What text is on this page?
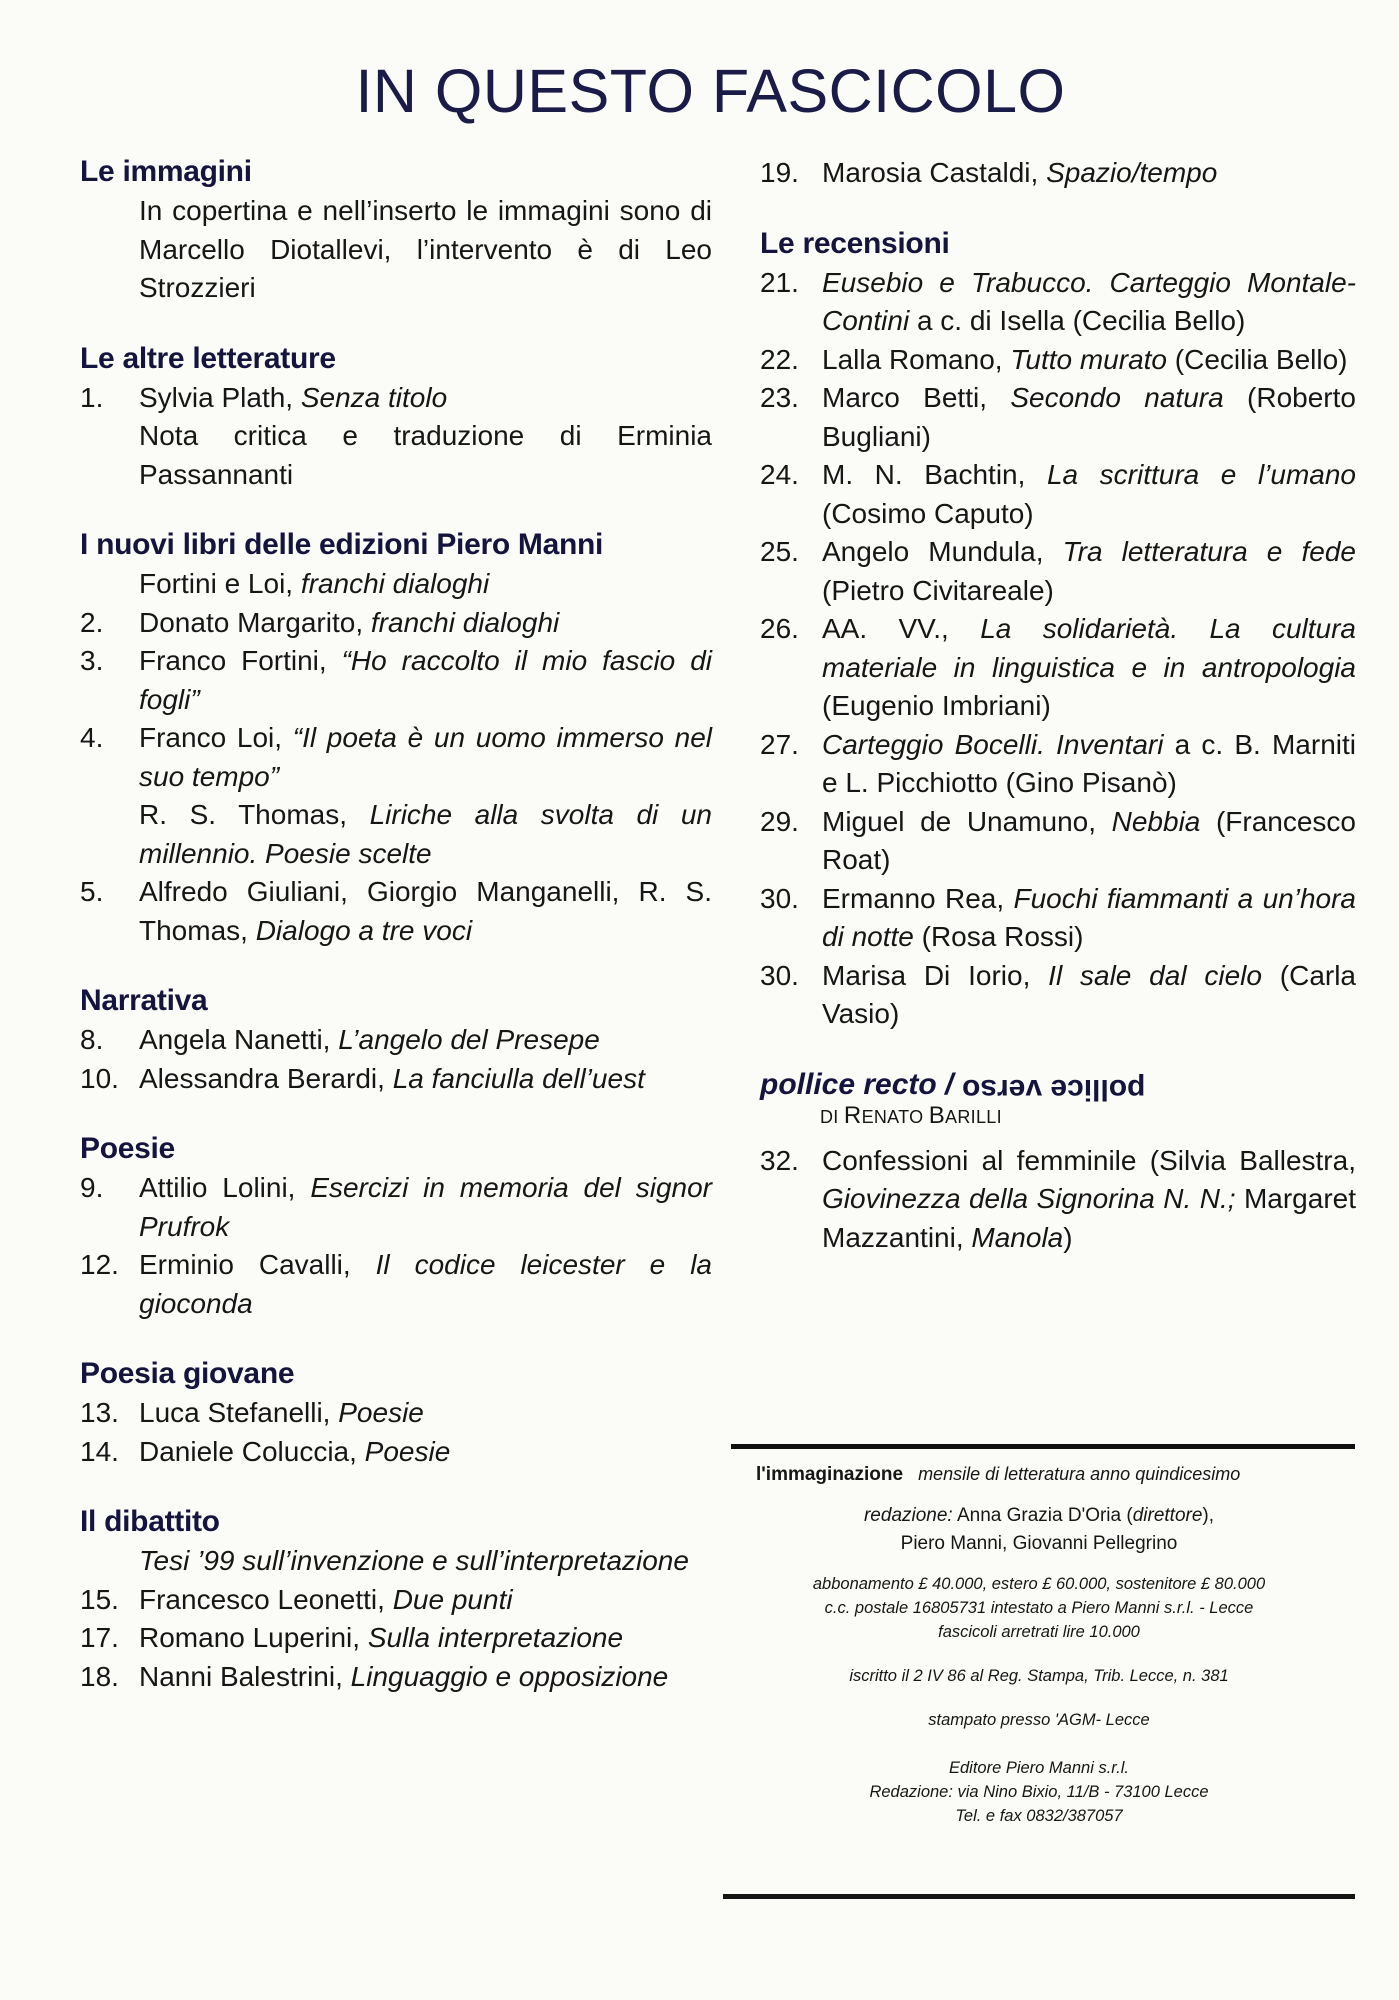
IN QUESTO FASCICOLO
Le immagini
In copertina e nell’inserto le immagini sono di Marcello Diotallevi, l’intervento è di Leo Strozzieri
Le altre letterature
1.	Sylvia Plath, Senza titolo
Nota critica e traduzione di Erminia Passannanti
I nuovi libri delle edizioni Piero Manni
Fortini e Loi, franchi dialoghi
2.	Donato Margarito, franchi dialoghi
3.	Franco Fortini, “Ho raccolto il mio fascio di fogli”
4.	Franco Loi, “Il poeta è un uomo immerso nel suo tempo”
R. S. Thomas, Liriche alla svolta di un millennio. Poesie scelte
5.	Alfredo Giuliani, Giorgio Manganelli, R. S. Thomas, Dialogo a tre voci
Narrativa
8.	Angela Nanetti, L’angelo del Presepe
10. Alessandra Berardi, La fanciulla dell’uest
Poesie
9.	Attilio Lolini, Esercizi in memoria del signor Prufrok
12. Erminio Cavalli, Il codice leicester e la gioconda
Poesia giovane
13. Luca Stefanelli, Poesie
14. Daniele Coluccia, Poesie
Il dibattito
Tesi ’99 sull’invenzione e sull’interpretazione
15. Francesco Leonetti, Due punti
17. Romano Luperini, Sulla interpretazione
18. Nanni Balestrini, Linguaggio e opposizione
19. Marosia Castaldi, Spazio/tempo
Le recensioni
21. Eusebio e Trabucco. Carteggio Montale-Contini a c. di Isella (Cecilia Bello)
22. Lalla Romano, Tutto murato (Cecilia Bello)
23. Marco Betti, Secondo natura (Roberto Bugliani)
24. M. N. Bachtin, La scrittura e l’umano (Cosimo Caputo)
25. Angelo Mundula, Tra letteratura e fede (Pietro Civitareale)
26. AA. VV., La solidarietà. La cultura materiale in linguistica e in antropologia (Eugenio Imbriani)
27. Carteggio Bocelli. Inventari a c. B. Marniti e L. Picchiotto (Gino Pisanò)
29. Miguel de Unamuno, Nebbia (Francesco Roat)
30. Ermanno Rea, Fuochi fiammanti a un’hora di notte (Rosa Rossi)
30. Marisa Di Iorio, Il sale dal cielo (Carla Vasio)
pollice recto / pollice verso
DI RENATO BARILLI
32. Confessioni al femminile (Silvia Ballestra, Giovinezza della Signorina N. N.; Margaret Mazzantini, Manola)
l'immaginazione mensile di letteratura anno quindicesimo
redazione: Anna Grazia D'Oria (direttore),
Piero Manni, Giovanni Pellegrino
abbonamento £ 40.000, estero £ 60.000, sostenitore £ 80.000
c.c. postale 16805731 intestato a Piero Manni s.r.l. - Lecce
fascicoli arretrati lire 10.000
iscritto il 2 IV 86 al Reg. Stampa, Trib. Lecce, n. 381
stampato presso 'AGM- Lecce
Editore Piero Manni s.r.l.
Redazione: via Nino Bixio, 11/B - 73100 Lecce
Tel. e fax 0832/387057
